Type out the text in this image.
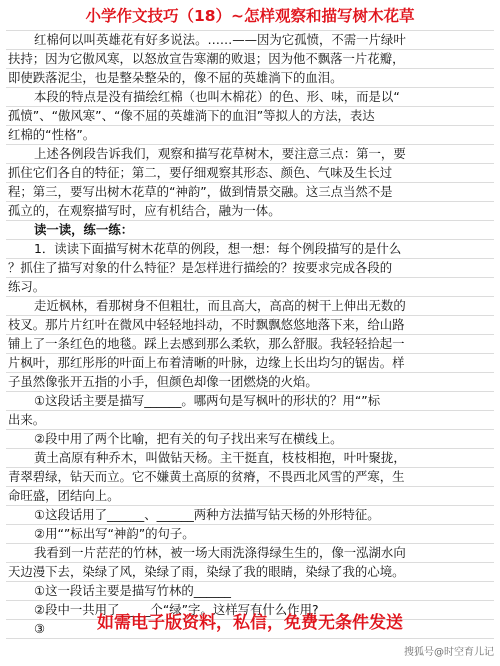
小学作文技巧（18）~怎样观察和描写树木花草
红棉何以叫英雄花有好多说法。……——因为它孤愤，不需一片绿叶
扶持；因为它傲风寒，以怒放宣告寒潮的败退；因为他不飘落一片花瓣，
即使跌落泥尘，也是整朵整朵的，像不屈的英雄淌下的血泪。
本段的特点是没有描绘红棉（也叫木棉花）的色、形、味，而是以“
孤愤”、“傲风寒”、“像不屈的英雄淌下的血泪”等拟人的方法，表达
红棉的“性格”。
上述各例段告诉我们，观察和描写花草树木，要注意三点：第一，要
抓住它们各自的特征；第二，要仔细观察其形态、颜色、气味及生长过
程；第三，要写出树木花草的“神韵”，做到情景交融。这三点当然不是
孤立的，在观察描写时，应有机结合，融为一体。
读一读，练一练：
1．读读下面描写树木花草的例段，想一想：每个例段描写的是什么
？抓住了描写对象的什么特征？是怎样进行描绘的？按要求完成各段的
练习。
走近枫林，看那树身不但粗壮，而且高大，高高的树干上伸出无数的
枝叉。那片片红叶在微风中轻轻地抖动，不时飘飘悠悠地落下来，给山路
铺上了一条红色的地毯。踩上去感到那么柔软，那么舒服。我轻轻拾起一
片枫叶，那红彤彤的叶面上布着清晰的叶脉，边缘上长出均匀的锯齿。样
子虽然像张开五指的小手，但颜色却像一团燃烧的火焰。
①这段话主要是描写______。哪两句是写枫叶的形状的？用“”标
出来。
②段中用了两个比喻，把有关的句子找出来写在横线上。
黄土高原有种乔木，叫做钻天杨。主干挺直，枝枝相抱，叶叶聚拢，
青翠碧绿，钻天而立。它不嫌黄土高原的贫瘠，不畏西北风雪的严寒，生
命旺盛，团结向上。
①这段话用了______、______两种方法描写钻天杨的外形特征。
②用“”标出写“神韵”的句子。
我看到一片茫茫的竹林，被一场大雨洗涤得绿生生的，像一泓湖水向
天边漫下去，染绿了风，染绿了雨，染绿了我的眼睛，染绿了我的心境。
①这一段话主要是描写竹林的______
②段中一共用了_____个“绿”字。这样写有什么作用?
③	如需电子版资料，私信，免费无条件发送
搜狐号@时空育儿记
